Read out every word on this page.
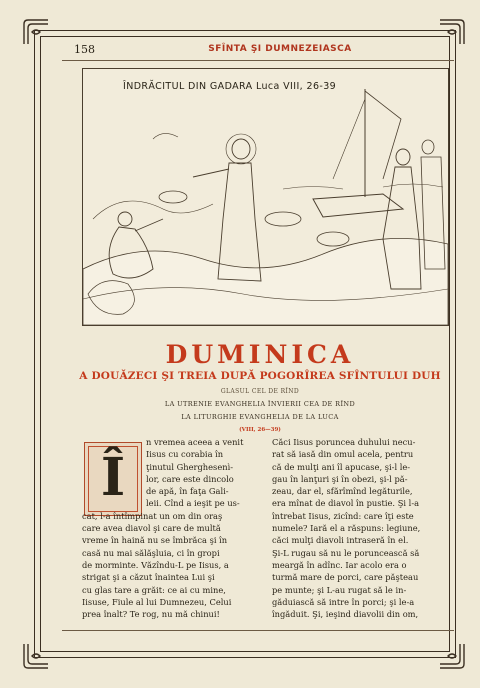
158	SFÎNTA ŞI DUMNEZEIASCA
ÎNDRĂCITUL DIN GADARA Luca VIII, 26-39
DUMINICA
A DOUĂZECI ŞI TREIA DUPĂ POGORÎREA SFÎNTULUI DUH
GLASUL CEL DE RÎND
LA UTRENIE EVANGHELIA ÎNVIERII CEA DE RÎND
LA LITURGHIE EVANGHELIA DE LA LUCA
(VIII, 26—39)
Î
n vremea aceea a venit
Iisus cu corabia în
ţinutul Gherghesenì-
lor, care este dincolo
de apă, în faţa Gali-
leii. Cînd a ieşit pe us-
cat, l-a întîmpinat un om din oraş
care avea diavol şi care de multă
vreme în haină nu se îmbrăca şi în
casă nu mai sălăşluia, ci în gropi
de morminte. Văzîndu-L pe Iisus, a
strigat şi a căzut înaintea Lui şi
cu glas tare a grăit: ce ai cu mine,
Iisuse, Fiule al lui Dumnezeu, Celui
prea înalt? Te rog, nu mă chinui!
Căci Iisus poruncea duhului necu-
rat să iasă din omul acela, pentru
că de mulţi ani îl apucase, şi-l le-
gau în lanţuri şi în obezi, şi-l pă-
zeau, dar el, sfărîmînd legăturile,
era mînat de diavol în pustie. Şi l-a
întrebat Iisus, zicînd: care îţi este
numele? Iară el a răspuns: legiune,
căci mulţi diavoli intraseră în el.
Şi-L rugau să nu le poruncească să
meargă în adînc. Iar acolo era o
turmă mare de porci, care păşteau
pe munte; şi L-au rugat să le in-
găduiască să intre în porci; şi le-a
îngăduit. Şi, ieşind diavolii din om,
